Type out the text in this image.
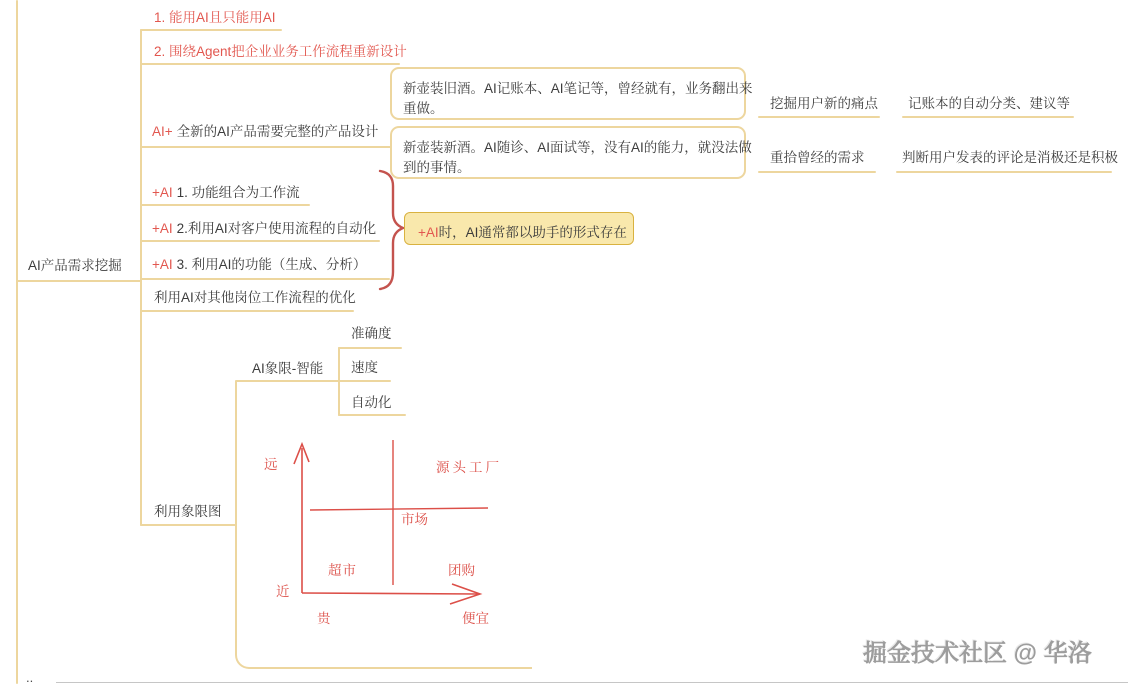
AI产品需求挖掘
1. 能用AI且只能用AI
2. 围绕Agent把企业业务工作流程重新设计
AI+ 全新的AI产品需要完整的产品设计
新壶装旧酒。AI记账本、AI笔记等，曾经就有，业务翻出来重做。
新壶装新酒。AI随诊、AI面试等，没有AI的能力，就没法做到的事情。
挖掘用户新的痛点 记账本的自动分类、建议等
重拾曾经的需求	判断用户发表的评论是消极还是积极
+AI 1. 功能组合为工作流
+AI 2.利用AI对客户使用流程的自动化
+AI 3. 利用AI的功能（生成、分析）
+AI时，AI通常都以助手的形式存在
利用AI对其他岗位工作流程的优化
利用象限图
AI象限-智能
准确度
速度
自动化
远
近
贵	便宜
市场
源头工厂
超市	团购
掘金技术社区 @ 华洛
..
